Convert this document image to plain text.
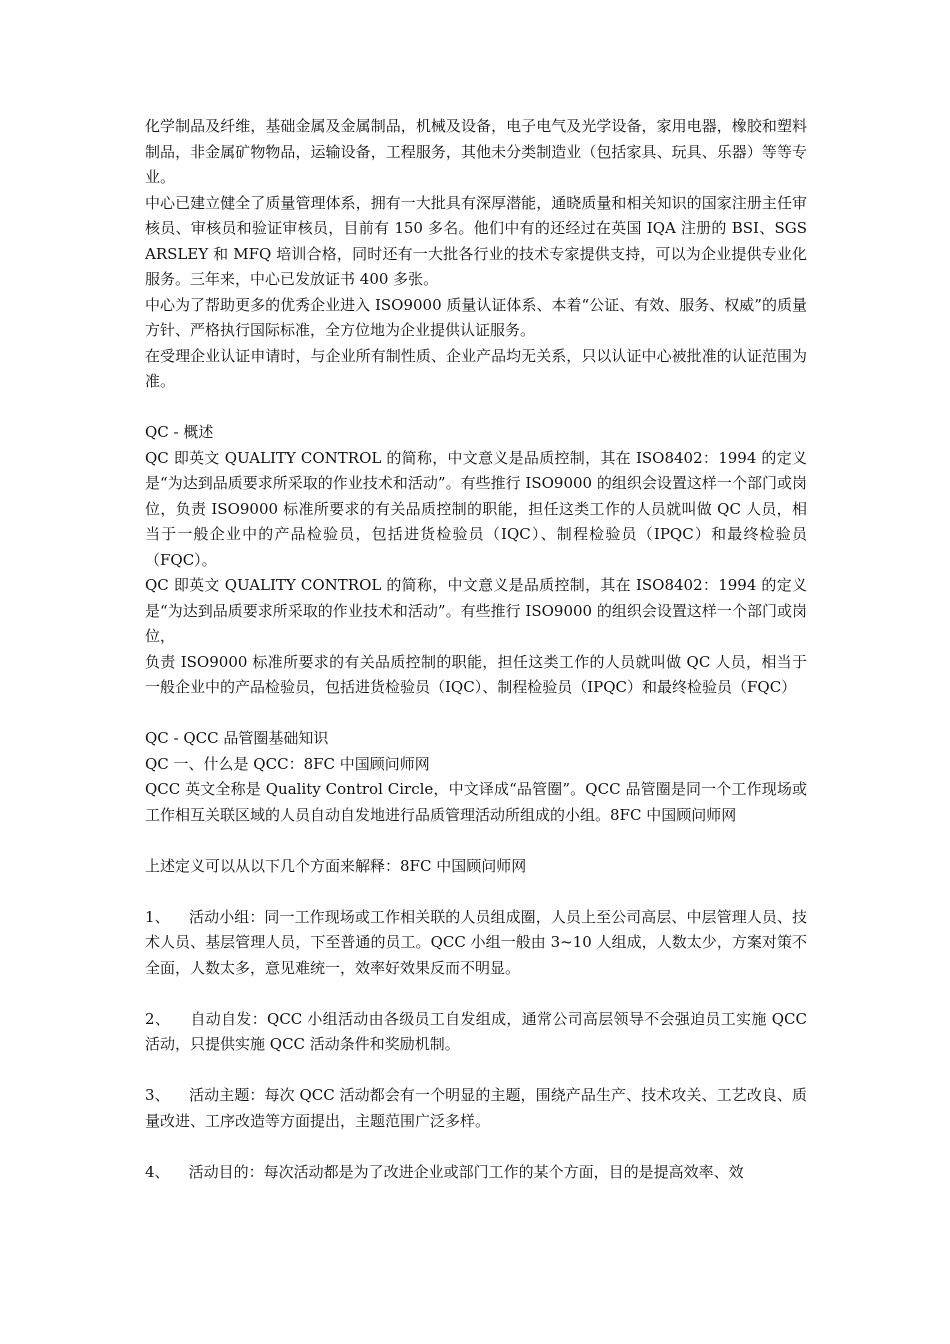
化学制品及纤维，基础金属及金属制品，机械及设备，电子电气及光学设备，家用电器，橡胶和塑料制品，非金属矿物物品，运输设备，工程服务，其他未分类制造业（包括家具、玩具、乐器）等等专业。

中心已建立健全了质量管理体系，拥有一大批具有深厚潜能，通晓质量和相关知识的国家注册主任审核员、审核员和验证审核员，目前有 150 多名。他们中有的还经过在英国 IQA 注册的 BSI、SGS ARSLEY 和 MFQ 培训合格，同时还有一大批各行业的技术专家提供支持，可以为企业提供专业化服务。三年来，中心已发放证书 400 多张。

中心为了帮助更多的优秀企业进入 ISO9000 质量认证体系、本着“公证、有效、服务、权威”的质量方针、严格执行国际标准，全方位地为企业提供认证服务。

在受理企业认证申请时，与企业所有制性质、企业产品均无关系，只以认证中心被批准的认证范围为准。

QC - 概述

QC 即英文 QUALITY CONTROL 的简称，中文意义是品质控制，其在 ISO8402：1994 的定义是“为达到品质要求所采取的作业技术和活动”。有些推行 ISO9000 的组织会设置这样一个部门或岗位，负责 ISO9000 标准所要求的有关品质控制的职能，担任这类工作的人员就叫做 QC 人员，相当于一般企业中的产品检验员，包括进货检验员（IQC）、制程检验员（IPQC）和最终检验员（FQC）。

QC 即英文 QUALITY CONTROL 的简称，中文意义是品质控制，其在 ISO8402：1994 的定义是“为达到品质要求所采取的作业技术和活动”。有些推行 ISO9000 的组织会设置这样一个部门或岗位，

负责 ISO9000 标准所要求的有关品质控制的职能，担任这类工作的人员就叫做 QC 人员，相当于一般企业中的产品检验员，包括进货检验员（IQC）、制程检验员（IPQC）和最终检验员（FQC）

QC - QCC 品管圈基础知识

QC 一、什么是 QCC：8FC 中国顾问师网

QCC 英文全称是 Quality Control Circle，中文译成“品管圈”。QCC 品管圈是同一个工作现场或工作相互关联区域的人员自动自发地进行品质管理活动所组成的小组。8FC 中国顾问师网

上述定义可以从以下几个方面来解释：8FC 中国顾问师网

1、    活动小组：同一工作现场或工作相关联的人员组成圈，人员上至公司高层、中层管理人员、技术人员、基层管理人员，下至普通的员工。QCC 小组一般由 3~10 人组成，人数太少，方案对策不全面，人数太多，意见难统一，效率好效果反而不明显。

2、    自动自发：QCC 小组活动由各级员工自发组成，通常公司高层领导不会强迫员工实施 QCC 活动，只提供实施 QCC 活动条件和奖励机制。

3、    活动主题：每次 QCC 活动都会有一个明显的主题，围绕产品生产、技术攻关、工艺改良、质量改进、工序改造等方面提出，主题范围广泛多样。

4、    活动目的：每次活动都是为了改进企业或部门工作的某个方面，目的是提高效率、效
